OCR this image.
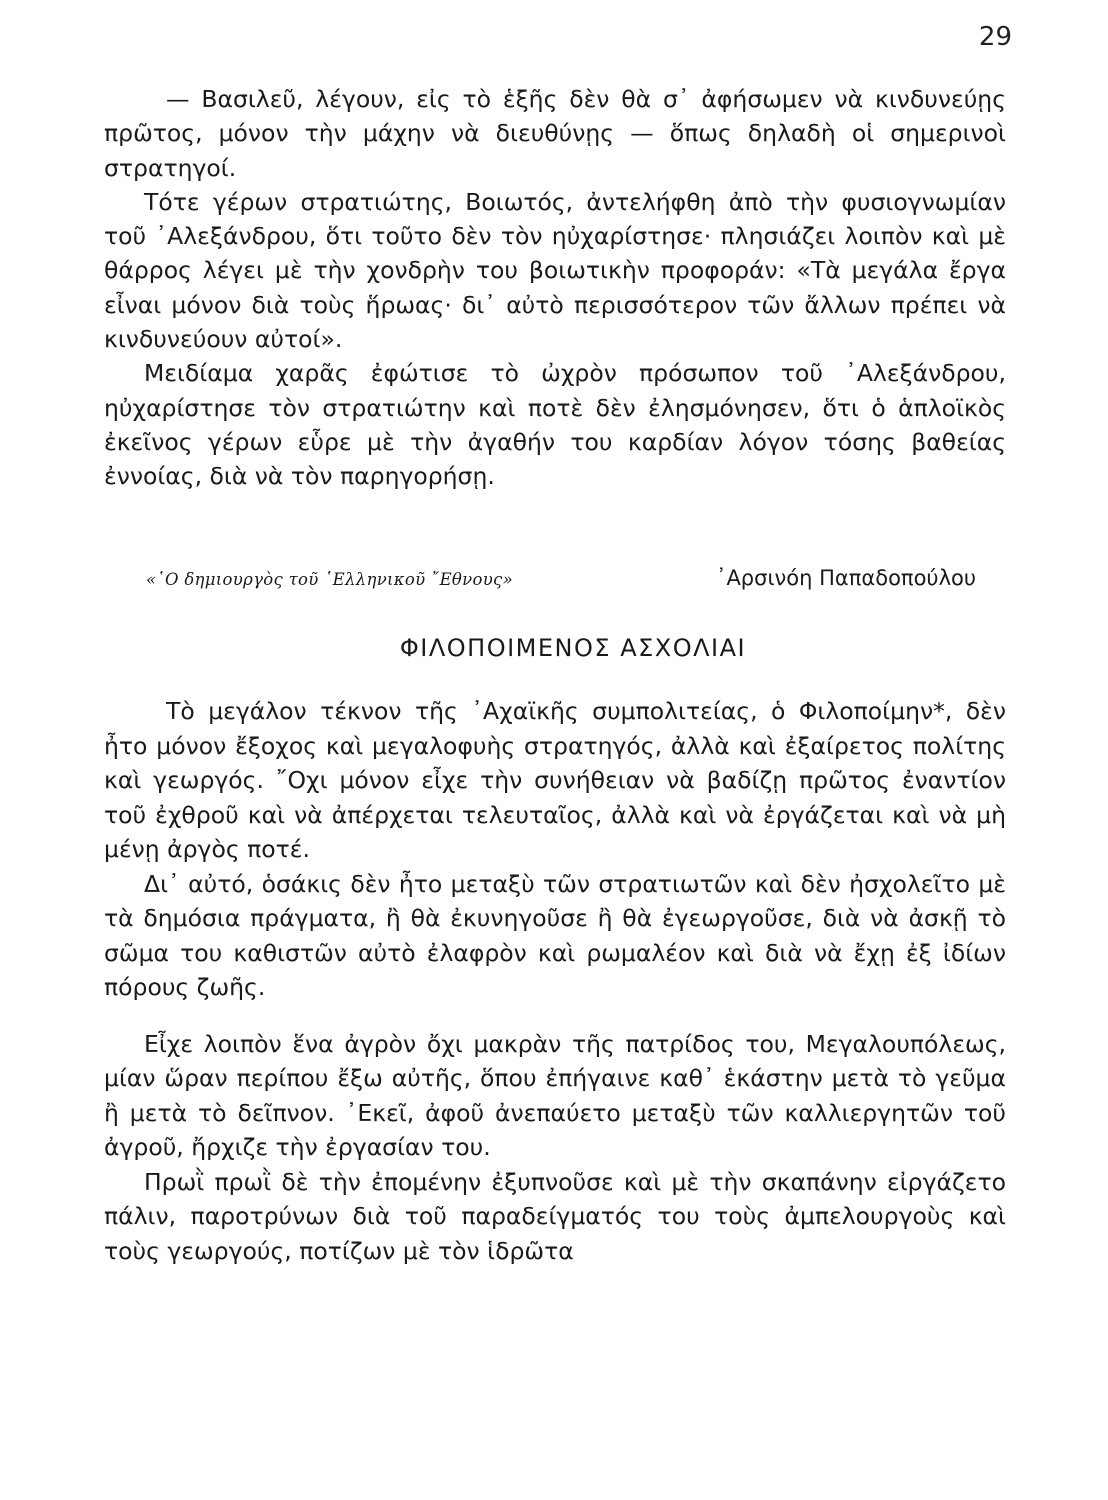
29

— Βασιλεῦ, λέγουν, εἰς τὸ ἑξῆς δὲν θὰ σ᾽ ἀφήσωμεν νὰ κινδυνεύῃς πρῶτος, μόνον τὴν μάχην νὰ διευθύνῃς — ὅπως δηλαδὴ οἱ σημερινοὶ στρατηγοί.

Τότε γέρων στρατιώτης, Βοιωτός, ἀντελήφθη ἀπὸ τὴν φυσιογνωμίαν τοῦ ᾽Αλεξάνδρου, ὅτι τοῦτο δὲν τὸν ηὐχαρίστησε· πλησιάζει λοιπὸν καὶ μὲ θάρρος λέγει μὲ τὴν χονδρὴν του βοιωτικὴν προφοράν: «Τὰ μεγάλα ἔργα εἶναι μόνον διὰ τοὺς ἥρωας· δι᾽ αὐτὸ περισσότερον τῶν ἄλλων πρέπει νὰ κινδυνεύουν αὐτοί».

Μειδίαμα χαρᾶς ἐφώτισε τὸ ὠχρὸν πρόσωπον τοῦ ᾽Αλεξάνδρου, ηὐχαρίστησε τὸν στρατιώτην καὶ ποτὲ δὲν ἐλησμόνησεν, ὅτι ὁ ἁπλοϊκὸς ἐκεῖνος γέρων εὗρε μὲ τὴν ἀγαθήν του καρδίαν λόγον τόσης βαθείας ἐννοίας, διὰ νὰ τὸν παρηγορήσῃ.

«῾Ο δημιουργὸς τοῦ ῾Ελληνικοῦ ῎Εθνους»	᾽Αρσινόη Παπαδοπούλου
ΦΙΛΟΠΟΙΜΕΝΟΣ ΑΣΧΟΛΙΑΙ

Τὸ μεγάλον τέκνον τῆς ᾽Αχαϊκῆς συμπολιτείας, ὁ Φιλοποίμην*, δὲν ἦτο μόνον ἔξοχος καὶ μεγαλοφυὴς στρατηγός, ἀλλὰ καὶ ἐξαίρετος πολίτης καὶ γεωργός. ῎Οχι μόνον εἶχε τὴν συνήθειαν νὰ βαδίζῃ πρῶτος ἐναντίον τοῦ ἐχθροῦ καὶ νὰ ἀπέρχεται τελευταῖος, ἀλλὰ καὶ νὰ ἐργάζεται καὶ νὰ μὴ μένῃ ἀργὸς ποτέ.

Δι᾽ αὐτό, ὁσάκις δὲν ἦτο μεταξὺ τῶν στρατιωτῶν καὶ δὲν ἠσχολεῖτο μὲ τὰ δημόσια πράγματα, ἢ θὰ ἐκυνηγοῦσε ἢ θὰ ἐγεωργοῦσε, διὰ νὰ ἀσκῇ τὸ σῶμα του καθιστῶν αὐτὸ ἐλαφρὸν καὶ ρωμαλέον καὶ διὰ νὰ ἔχῃ ἐξ ἰδίων πόρους ζωῆς.

Εἶχε λοιπὸν ἕνα ἀγρὸν ὄχι μακρὰν τῆς πατρίδος του, Μεγαλουπόλεως, μίαν ὥραν περίπου ἔξω αὐτῆς, ὅπου ἐπήγαινε καθ᾽ ἑκάστην μετὰ τὸ γεῦμα ἢ μετὰ τὸ δεῖπνον. ᾽Εκεῖ, ἀφοῦ ἀνεπαύετο μεταξὺ τῶν καλλιεργητῶν τοῦ ἀγροῦ, ἤρχιζε τὴν ἐργασίαν του.

Πρωῒ πρωῒ δὲ τὴν ἐπομένην ἐξυπνοῦσε καὶ μὲ τὴν σκαπάνην εἰργάζετο πάλιν, παροτρύνων διὰ τοῦ παραδείγματός του τοὺς ἀμπελουργοὺς καὶ τοὺς γεωργούς, ποτίζων μὲ τὸν ἱδρῶτα
